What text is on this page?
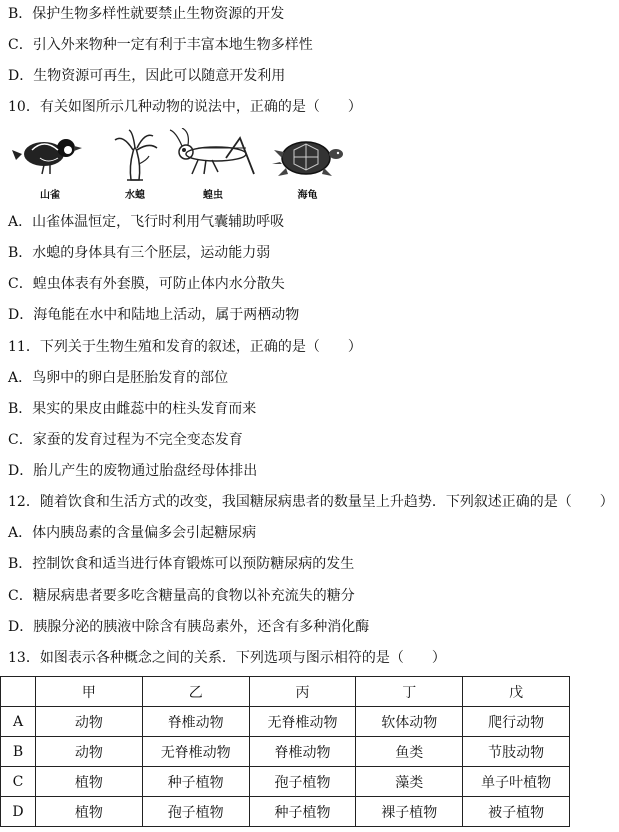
B．保护生物多样性就要禁止生物资源的开发
C．引入外来物种一定有利于丰富本地生物多样性
D．生物资源可再生，因此可以随意开发利用
10．有关如图所示几种动物的说法中，正确的是（　　）
山雀	水螅	蝗虫	海龟
A．山雀体温恒定，飞行时利用气囊辅助呼吸
B．水螅的身体具有三个胚层，运动能力弱
C．蝗虫体表有外套膜，可防止体内水分散失
D．海龟能在水中和陆地上活动，属于两栖动物
11．下列关于生物生殖和发育的叙述，正确的是（　　）
A．鸟卵中的卵白是胚胎发育的部位
B．果实的果皮由雌蕊中的柱头发育而来
C．家蚕的发育过程为不完全变态发育
D．胎儿产生的废物通过胎盘经母体排出
12．随着饮食和生活方式的改变，我国糖尿病患者的数量呈上升趋势．下列叙述正确的是（　　）
A．体内胰岛素的含量偏多会引起糖尿病
B．控制饮食和适当进行体育锻炼可以预防糖尿病的发生
C．糖尿病患者要多吃含糖量高的食物以补充流失的糖分
D．胰腺分泌的胰液中除含有胰岛素外，还含有多种消化酶
13．如图表示各种概念之间的关系．下列选项与图示相符的是（　　）
	甲	乙	丙	丁	戊
A	动物	脊椎动物	无脊椎动物	软体动物	爬行动物
B	动物	无脊椎动物	脊椎动物	鱼类	节肢动物
C	植物	种子植物	孢子植物	藻类	单子叶植物
D	植物	孢子植物	种子植物	裸子植物	被子植物
